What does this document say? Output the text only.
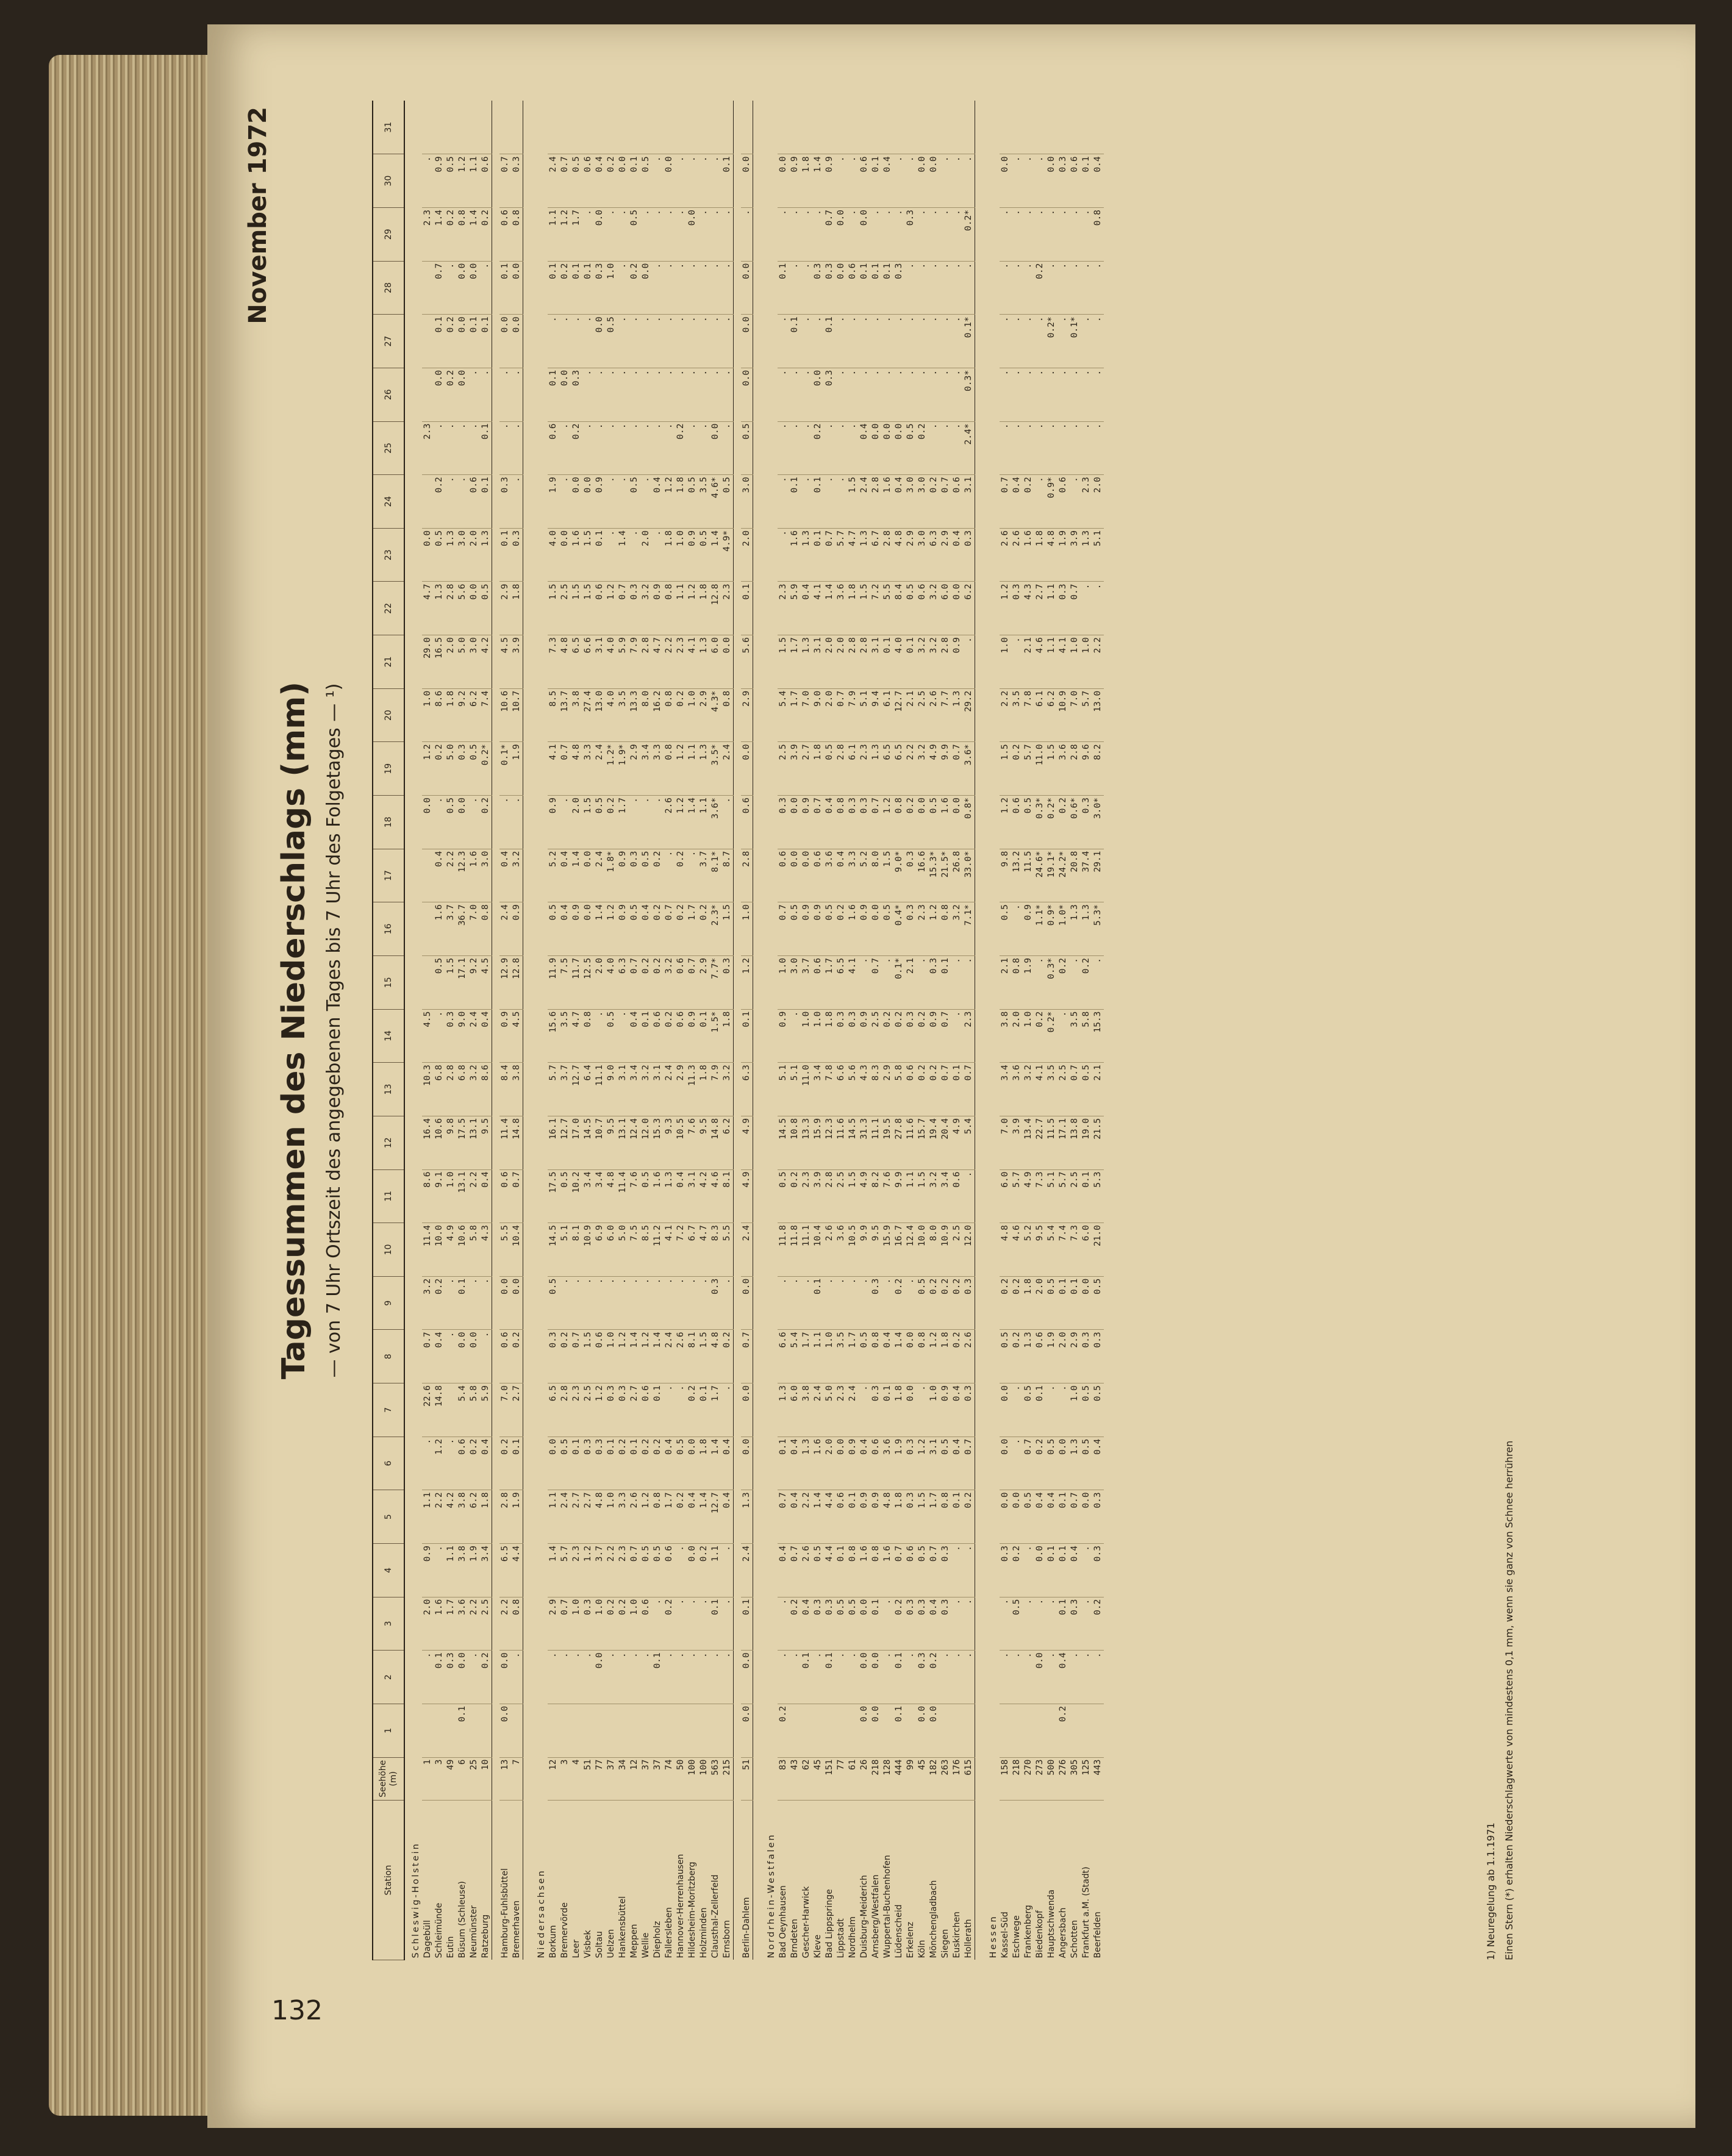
132
November 1972
Tagessummen des Niederschlags (mm) — von 7 Uhr Ortszeit des angegebenen Tages bis 7 Uhr des Folgetages — ¹)
Station	Seehöhe (m)	1	2	3	4	5	6	7	8	9	10	11	12	13	14	15	16	17	18	19	20	21	22	23	24	25	26	27	28	29	30	31
Schleswig-Holstein																																
Dagebüll	1		.	2.0	0.9	1.1	.	22.6	0.7	3.2	11.4	8.6	16.4	10.3	4.5				0.0	1.2	1.0	29.0	4.7	0.0		2.3				2.3	.	
Schleimünde	3		0.1	1.6	.	2.2	1.2	14.8	0.4	0.2	10.0	9.1	10.6	6.8	.	0.5	1.6	0.4	.	0.2	8.6	16.5	1.3	0.5	0.2	.	0.0	0.1	0.7	1.4	0.9	
Eutin	49		0.3	1.7	1.1	4.2	.		.	.	4.9	1.0	9.8	2.8	0.3	1.5	3.7	2.2	0.5	5.0	1.8	2.0	2.8	1.3	.	.	0.2	0.2	.	0.2	0.5	
Büsum (Schleuse)	6	0.1	0.0	3.6	3.8	3.8	0.6	5.4	0.0	0.1	10.6	13.1	17.5	6.8	9.0	17.1	36.7	12.3	0.0	0.3	9.2	5.0	5.6	3.0	.	.	0.0	0.0	0.0	0.8	1.2	
Neumünster	25		.	2.2	1.9	6.2	0.2	5.8	0.0	.	5.8	2.2	13.1	3.2	2.4	9.2	7.0	1.6	.	0.5	6.2	3.0	0.0	2.0	0.6	.	.	0.1	0.0	1.4	1.1	
Ratzeburg	10		0.2	2.5	3.4	1.8	0.4	5.9	.	.	4.3	0.4	9.5	8.6	0.4	4.5	0.8	3.0	0.2	0.2*	7.4	4.2	0.5	1.3	0.1	0.1	.	0.1	.	0.2	0.6	

Hamburg-Fuhlsbüttel	13	0.0	0.0	2.2	6.5	2.8	0.2	7.0	0.6	0.0	5.5	0.6	11.4	8.4	0.9	12.9	2.4	0.4	.	0.1*	10.6	4.5	2.9	0.1	0.3	.	.	0.0	0.1	0.6	0.7	
Bremerhaven	7		.	0.8	4.4	1.9	0.1	2.7	0.2	0.0	10.4	0.7	14.8	3.8	4.5	12.8	0.9	3.2	.	1.9	10.7	3.9	1.8	0.3	.	.	.	0.0	0.0	0.8	0.3	

Niedersachsen																																
Borkum	12		.	2.9	1.4	1.1	0.0	6.5	0.3	0.5	14.5	17.5	16.1	5.7	15.6	11.9	0.5	5.2	0.9	4.1	8.5	7.3	1.5	4.0	1.9	0.6	0.1	.	0.1	1.1	2.4	
Bremervörde	3		.	0.7	5.7	2.4	0.5	2.8	0.2	.	5.1	0.5	12.7	3.7	3.5	7.5	0.4	0.4	.	0.7	13.7	4.8	2.5	0.0	.	.	0.0	.	0.2	1.2	0.7	
Leer	4		.	1.0	2.3	2.7	0.1	2.3	0.7	.	8.1	10.2	17.0	12.7	4.7	11.7	0.9	1.4	2.0	4.8	3.8	6.5	1.5	1.6	0.0	0.2	0.3	.	0.1	1.7	0.5	
Visbek	51		.	0.3	1.2	2.7	0.3	2.5	1.5	.	10.9	3.4	14.5	6.4	0.8	12.5	0.0	0.0	1.5	3.3	27.4	6.6	1.5	1.5	0.0	.	.	.	0.1	.	0.6	
Soltau	77		0.0	1.0	3.7	4.8	0.3	1.2	0.6	.	6.9	3.4	10.7	11.1	.	2.0	1.4	2.4	0.5	2.4	13.0	3.1	0.6	0.1	0.9	.	.	0.0	0.3	0.0	0.4	
Uelzen	37		.	0.2	2.2	1.0	0.1	0.3	1.0	.	6.0	4.8	9.5	9.0	0.5	4.0	1.2	1.8*	0.2	1.2*	4.0	4.0	1.2	.	.	.	.	0.5	1.0	.	0.2	
Hankensbüttel	34		.	0.2	2.3	3.3	0.2	0.3	1.2	.	5.0	11.4	13.1	3.1	.	6.3	0.9	0.9	1.7	1.9*	3.5	5.9	0.7	1.4	.	.	.	.	.	.	0.0	
Meppen	12		.	1.0	0.7	2.6	0.1	2.7	1.4	.	7.5	7.6	12.4	3.4	0.4	0.7	0.5	0.3	.	2.9	13.3	7.9	0.3	.	0.5	.	.	.	0.2	0.5	0.1	
Wellie	37		.	0.6	0.5	1.2	0.2	0.6	1.2	.	8.5	0.5	12.0	3.2	0.1	0.2	0.4	0.5	.	3.4	8.0	2.8	3.2	2.0	.	.	.	.	0.0	.	0.5	
Diepholz	37		0.1	.	0.5	0.8	0.2	0.1	1.4	.	11.2	1.6	15.3	3.1	0.6	0.2	0.2	0.2	.	3.3	16.2	4.7	0.9	.	0.4	.	.	.	.	.	.	
Fallersleben	74		.	0.2	0.6	1.7	0.4	.	2.4	.	4.1	1.3	9.3	2.4	0.2	3.2	0.7	.	2.6	0.8	0.8	2.2	0.8	1.8	1.2	.	.	.	.	.	0.0	
Hannover-Herrenhausen	50		.	.	.	0.2	0.5	.	2.6	.	7.2	0.4	10.5	2.9	0.6	0.6	0.2	0.2	1.2	1.2	0.2	2.3	1.1	1.0	1.8	0.2	.	.	.	.	.	
Hildesheim-Moritzberg	100		.	.	0.0	0.4	0.0	0.2	8.1	.	6.7	3.1	7.6	11.3	0.9	0.7	1.7	.	1.4	1.1	1.0	4.1	1.2	0.9	0.5	.	.	.	.	0.0	.	
Holzminden	100		.	.	0.2	1.4	1.8	0.1	1.5	.	4.7	4.2	9.5	1.8	0.1	2.9	0.2	3.7	1.1	1.3	2.9	1.3	1.8	0.5	3.5	.	.	.	.	.	.	
Clausthal-Zellerfeld	563		.	0.1	1.1	12.7	1.4	1.7	4.8	0.3	8.3	4.6	14.8	7.9	1.5*	7.7*	2.3*	8.1*	3.6*	3.5*	4.3*	6.0	12.8	1.4	4.6*	0.0	.	.	.	.	.	
Ernsborn	215		.	.	.	0.4	0.4	.	0.2	.	5.5	8.1	6.2	3.2	1.8	0.3	1.5	8.7	.	2.4	0.8	0.0	2.3	4.9*	0.5	.	.	.	.	.	0.1	

Berlin-Dahlem	51	0.0	0.0	0.1	2.4	1.3	0.0	0.0	0.7	0.0	2.4	4.9	4.9	6.3	0.1	1.2	1.0	2.8	0.6	0.0	2.9	5.6	0.1	2.0	3.0	0.5	0.0	0.0	0.0	.	0.0	

Nordrhein-Westfalen																																
Bad Oeynhausen	83	0.2	.	.	0.4	0.7	0.1	1.3	6.6	.	11.8	0.5	14.5	5.1	0.9	1.0	0.7	0.6	0.3	2.5	5.4	1.5	2.3	.	.	.	.	.	0.1	.	0.0	
Brndeten	43		.	0.2	0.7	0.4	0.4	6.0	5.4	.	11.8	0.2	10.8	5.1	.	3.0	0.5	0.0	0.0	3.9	1.7	1.7	5.9	1.6	0.1	.	.	0.1	.	.	0.9	
Gescher-Harwick	62		0.1	0.4	2.6	2.2	1.3	3.8	1.7	.	11.1	2.3	13.3	11.0	1.0	3.7	0.9	0.0	0.9	2.7	7.0	1.3	0.4	1.3	.	.	.	.	.	.	1.8	
Kleve	45		.	0.3	0.5	1.4	1.6	2.4	1.1	0.1	10.4	3.9	15.9	3.4	1.0	0.6	0.9	0.6	0.7	1.8	9.0	3.1	4.1	0.1	0.1	0.2	0.0	.	0.3	.	1.4	
Bad Lippspringe	151		0.1	0.3	4.4	4.4	2.0	5.0	1.0	.	2.6	2.8	12.3	7.8	1.8	1.7	0.5	3.6	0.4	0.5	2.0	2.0	1.4	0.7	.	.	0.3	0.1	0.3	0.7	0.9	
Lippstadt	77		.	0.5	0.1	0.6	0.0	2.3	3.5	.	3.6	2.5	11.6	6.6	0.3	6.5	0.2	0.4	0.8	2.8	0.7	2.0	3.6	5.7	.	.	.	.	0.0	0.0	.	
Nordhelm	61		.	0.5	0.8	0.1	0.9	2.4	1.7	.	10.5	1.5	14.5	5.6	0.3	4.1	1.6	3.3	0.3	6.1	7.9	2.8	1.8	4.7	1.5	.	.	.	0.6	.	.	
Duisburg-Meiderich	26	0.0	0.0	0.0	1.6	0.9	0.4	.	0.5	.	9.9	4.9	31.3	4.3	0.9	.	0.9	5.2	0.3	2.3	5.1	2.8	1.5	1.3	2.4	0.4	.	.	0.1	0.0	0.6	
Arnsberg/Westfalen	218	0.0	0.0	0.1	0.8	0.9	0.6	0.3	0.8	0.3	9.5	8.2	11.1	8.3	2.5	0.7	0.0	8.0	0.7	1.3	9.4	3.1	7.2	6.7	2.8	0.0	.	.	0.1	.	0.1	
Wuppertal-Buchenhofen	128		.	.	1.6	4.8	3.6	0.1	0.4	.	15.9	7.6	19.5	2.9	0.2	.	0.5	1.5	1.2	6.5	6.1	0.1	5.5	2.8	1.6	0.0	.	.	0.1	.	0.4	
Lüdenscheid	444	0.1	0.1	0.2	0.7	1.8	1.9	1.8	1.4	0.2	16.7	9.9	27.8	5.8	0.2	0.1*	0.4*	9.0*	0.8	6.5	12.7	4.0	8.4	4.8	0.4	0.0	.	.	0.3	.	.	
Erkelenz	99		.	0.3	0.6	0.3	0.3	0.0	0.0	.	12.4	1.1	11.6	0.6	0.3	2.1	0.3	0.3	0.2	2.2	2.1	0.1	0.5	2.9	3.0	0.5	.	.	.	0.3	.	
Köln	45	0.0	0.3	0.3	0.5	1.5	1.2	.	0.8	0.5	10.0	1.5	15.7	0.2	0.2	.	2.3	16.6	0.0	3.2	2.5	3.2	0.6	3.0	3.0	0.2	.	.	.	.	0.0	
Mönchengladbach	182	0.0	0.2	0.4	0.7	1.7	3.1	1.0	1.2	0.2	8.0	3.2	19.4	0.2	0.9	0.3	1.2	15.3*	0.5	4.9	2.6	3.2	3.2	6.3	0.2	.	.	.	.	.	0.0	
Siegen	263		.	0.3	0.3	0.8	0.5	0.9	1.8	0.2	10.9	3.4	20.4	0.7	0.7	0.1	0.8	21.5*	1.6	9.9	7.7	2.8	6.0	2.9	0.7	.	.	.	.	.	.	
Euskirchen	176		.	.	.	0.1	0.4	0.4	0.2	0.2	2.5	0.6	4.9	0.1	.	.	3.2	26.8	0.0	0.7	1.3	0.9	0.0	0.4	0.6	.	.	.	.	.	.	
Hollerath	615		.	.	.	0.2	0.7	0.3	2.6	0.3	12.0	.	5.4	0.7	2.3	.	7.1*	33.0*	0.8*	3.6*	29.2	.	6.2	0.3	3.1	2.4*	0.3*	0.1*	.	0.2*	.	

Hessen																																
Kassel-Süd	158		.	.	0.3	0.0	0.0	0.0	0.5	0.2	4.8	6.0	7.0	3.4	3.8	2.1	0.5	9.8	1.2	1.5	2.2	1.0	1.2	2.6	0.7	.	.	.	.	.	0.0	
Eschwege	218		.	0.5	0.2	0.0	.	.	0.2	0.2	4.6	5.7	3.9	3.6	2.0	0.8	.	13.2	0.6	0.2	3.5	.	0.3	2.6	0.4	.	.	.	.	.	.	
Frankenberg	270		.	.	.	0.5	0.7	0.5	1.3	1.8	5.2	4.9	13.4	3.2	1.0	1.9	0.9	11.5	0.5	5.7	7.8	2.1	4.3	1.6	0.2	.	.	.	.	.	.	
Biedenkopf	273		0.0	.	0.0	0.4	0.2	0.1	0.6	2.0	9.5	7.3	22.7	4.1	0.2	.	1.1*	24.6*	0.3*	11.0	6.1	4.6	2.7	1.8	.	.	.	.	0.2	.	.	
Hauptschwenda	500		.	.	0.1	0.4	0.5	.	1.9	0.5	5.4	5.1	11.5	3.5	0.2*	0.3*	0.9*	19.1*	0.2*	1.5	6.2	1.1	1.1	4.8	0.9*	.	.	0.2*	.	.	0.0	
Angersbach	276	0.2	0.4	0.1	0.1	0.1	0.0	.	2.0	0.1	7.4	5.7	17.1	2.5	.	0.2	1.0*	24.2*	0.2	3.6	10.9	4.1	0.3	1.9	0.6	.	.	.	.	.	0.3	
Schotten	305		.	0.3	0.4	0.7	1.3	1.0	2.9	0.1	7.3	2.5	13.8	0.7	3.5	.	1.3	20.8	0.6*	2.8	7.0	1.0	0.7	3.9	.	.	.	0.1*	.	.	0.6	
Frankfurt a.M. (Stadt)	125		.	.	.	0.0	0.5	0.5	0.3	0.0	6.0	0.1	19.0	0.5	5.8	0.2	1.3	37.4	0.3	9.6	5.7	1.0	.	1.3	2.3	.	.	.	.	.	0.1	
Beerfelden	443		.	0.2	0.3	0.3	0.4	0.5	0.3	0.5	21.0	5.3	21.5	2.1	15.3	.	5.3*	29.1	3.0*	8.2	13.0	2.2	.	5.1	2.0	.	.	.	.	0.8	0.4	
1) Neuregelung ab 1.1.1971 Einen Stern (*) erhalten Niederschlagwerte von mindestens 0,1 mm, wenn sie ganz von Schnee herrühren
